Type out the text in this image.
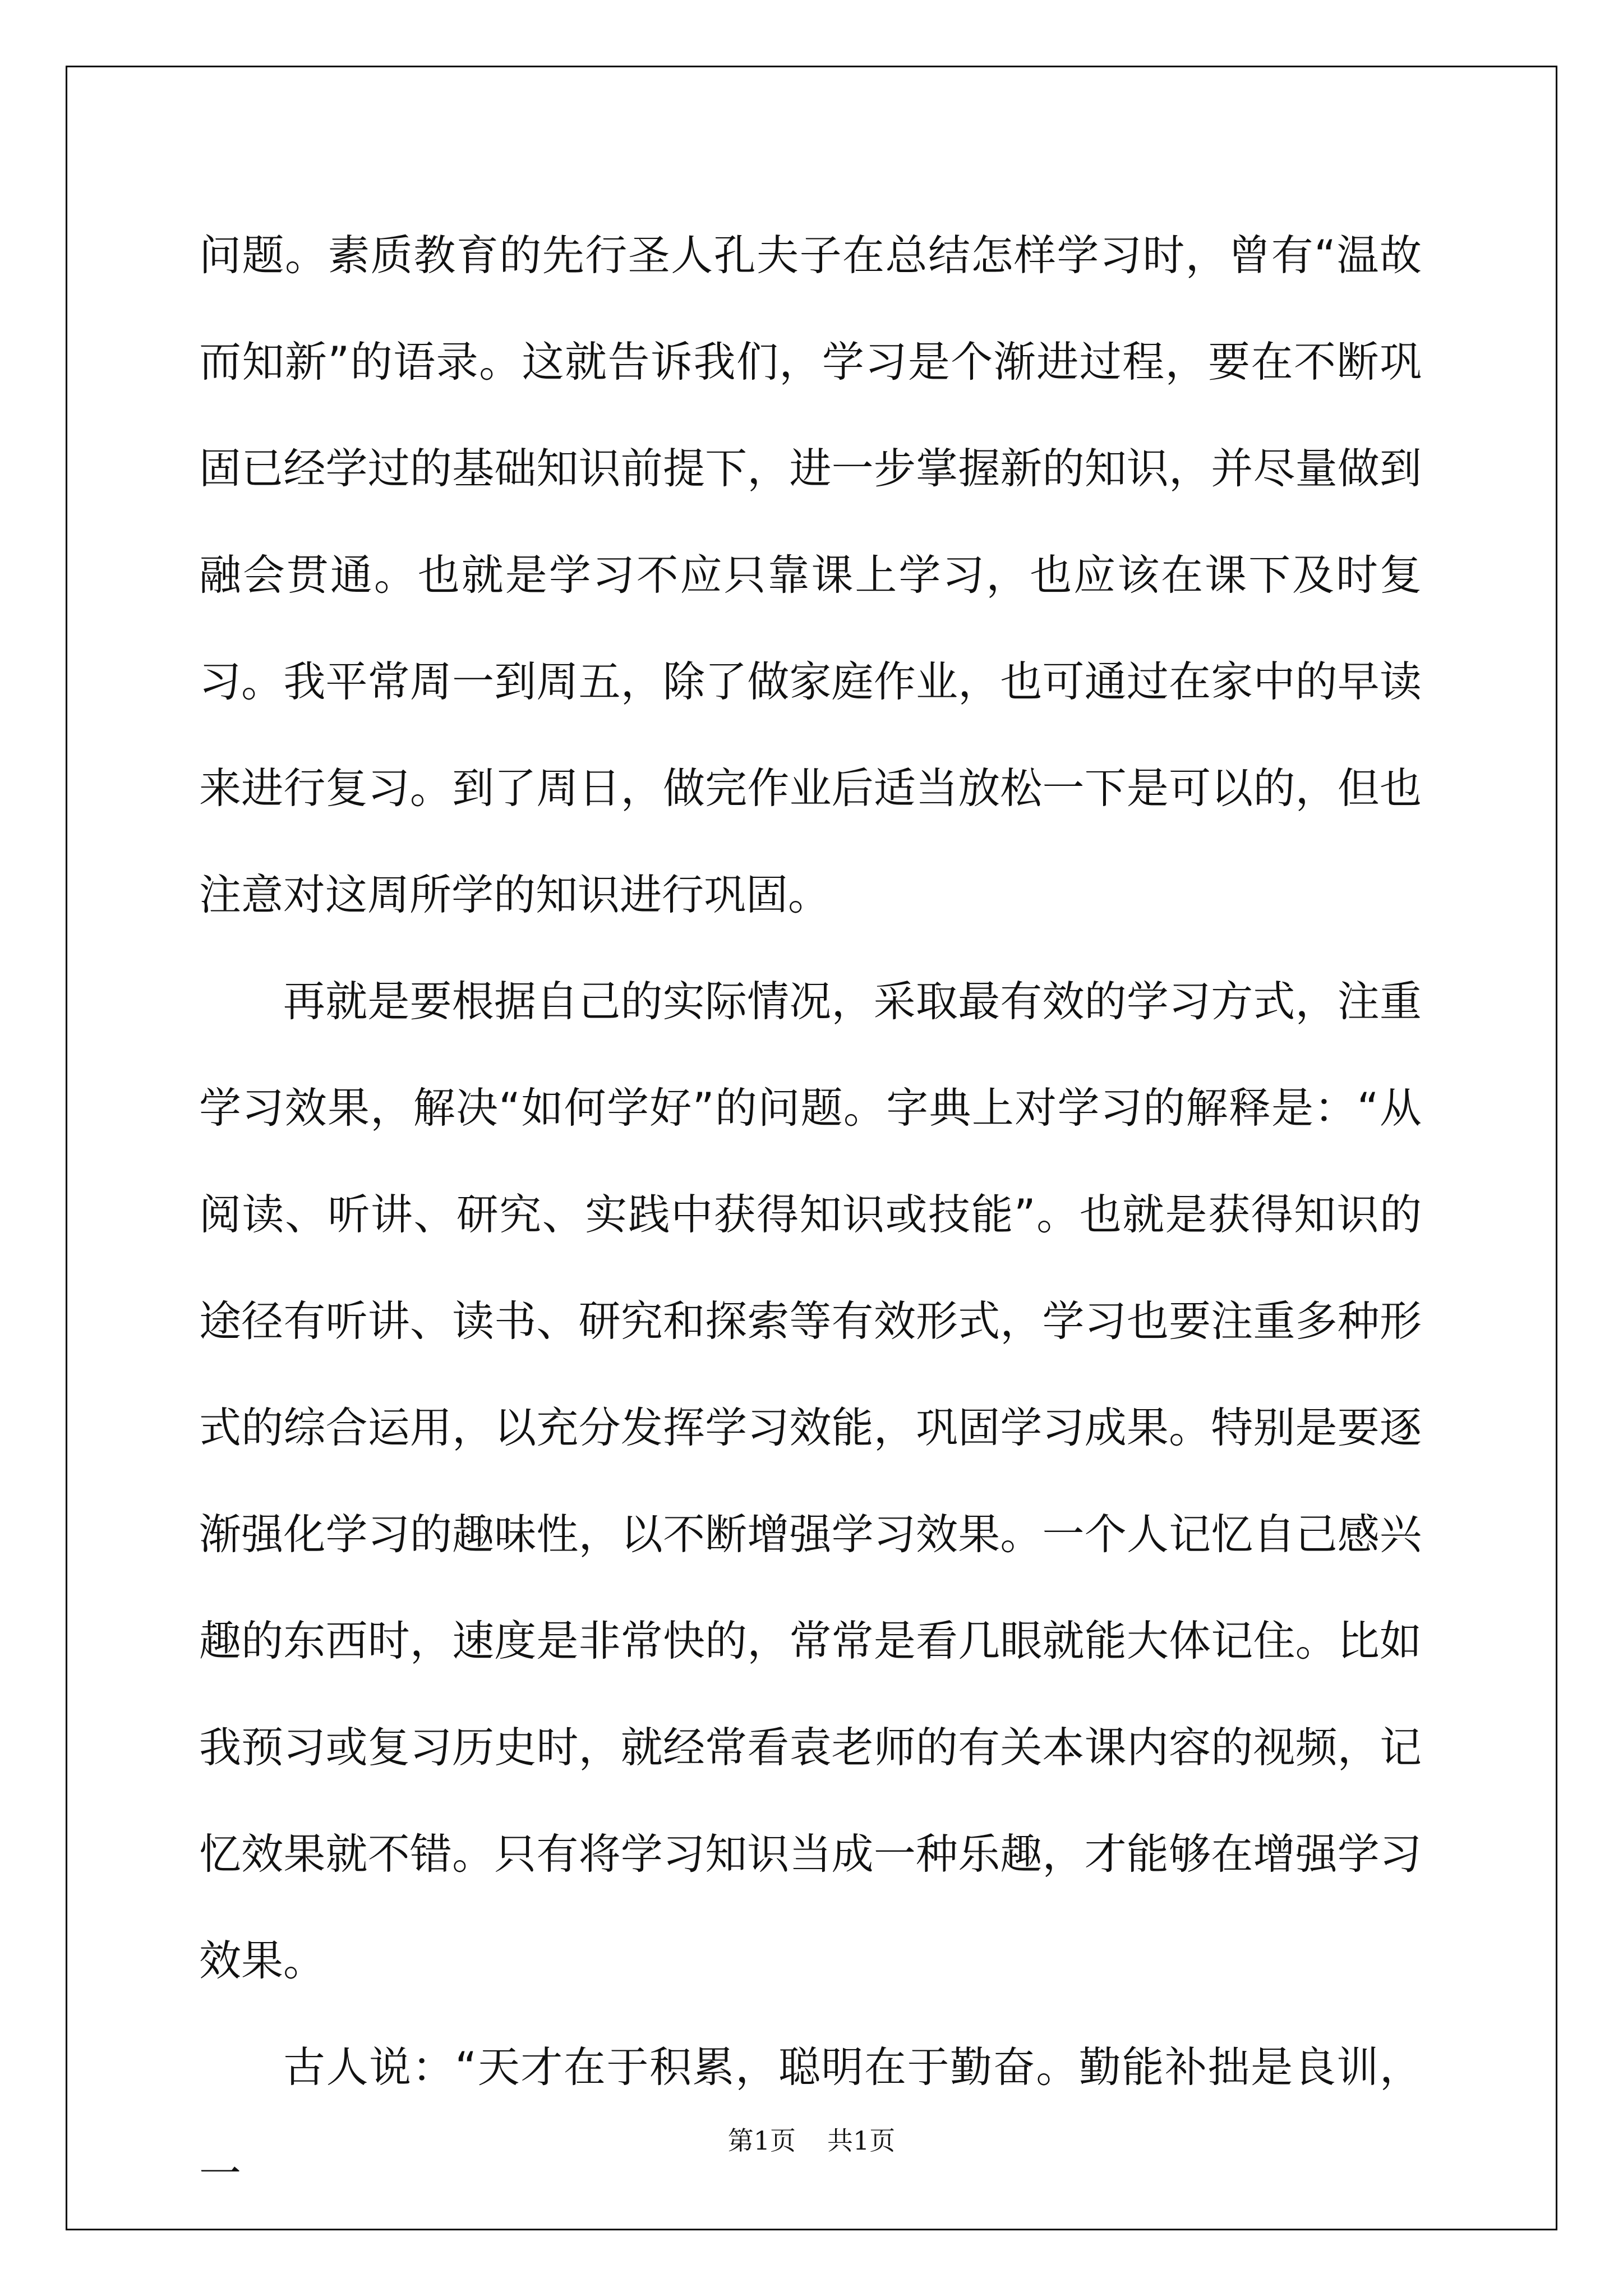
问题。素质教育的先行圣人孔夫子在总结怎样学习时，曾有“温故而知新”的语录。这就告诉我们，学习是个渐进过程，要在不断巩固已经学过的基础知识前提下，进一步掌握新的知识，并尽量做到融会贯通。也就是学习不应只靠课上学习，也应该在课下及时复习。我平常周一到周五，除了做家庭作业，也可通过在家中的早读来进行复习。到了周日，做完作业后适当放松一下是可以的，但也注意对这周所学的知识进行巩固。

再就是要根据自己的实际情况，采取最有效的学习方式，注重学习效果，解决“如何学好”的问题。字典上对学习的解释是：“从阅读、听讲、研究、实践中获得知识或技能”。也就是获得知识的途径有听讲、读书、研究和探索等有效形式，学习也要注重多种形式的综合运用，以充分发挥学习效能，巩固学习成果。特别是要逐渐强化学习的趣味性，以不断增强学习效果。一个人记忆自己感兴趣的东西时，速度是非常快的，常常是看几眼就能大体记住。比如我预习或复习历史时，就经常看袁老师的有关本课内容的视频，记忆效果就不错。只有将学习知识当成一种乐趣，才能够在增强学习效果。

古人说：“天才在于积累，聪明在于勤奋。勤能补拙是良训，一

第1页 共1页
